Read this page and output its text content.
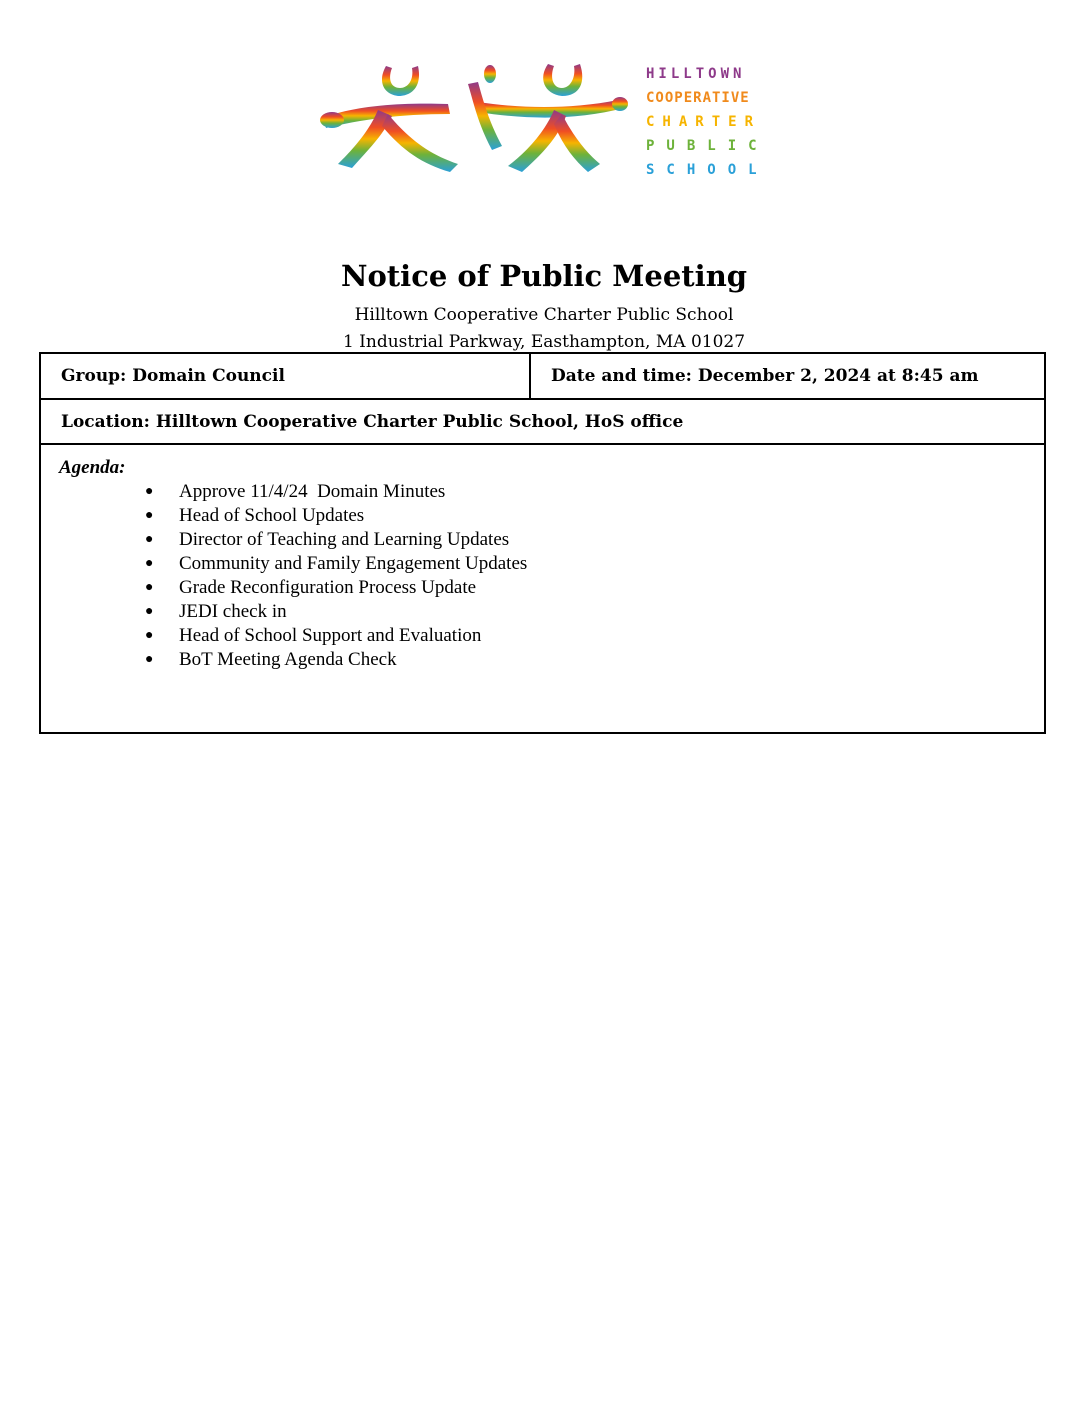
HILLTOWN
COOPERATIVE
CHARTER
PUBLIC
SCHOOL
Notice of Public Meeting

Hilltown Cooperative Charter Public School

1 Industrial Parkway, Easthampton, MA 01027

Group: Domain Council	Date and time: December 2, 2024 at 8:45 am
Location: Hilltown Cooperative Charter Public School, HoS office
Agenda:
● Approve 11/4/24  Domain Minutes
● Head of School Updates
● Director of Teaching and Learning Updates
● Community and Family Engagement Updates
● Grade Reconfiguration Process Update
● JEDI check in
● Head of School Support and Evaluation
● BoT Meeting Agenda Check
